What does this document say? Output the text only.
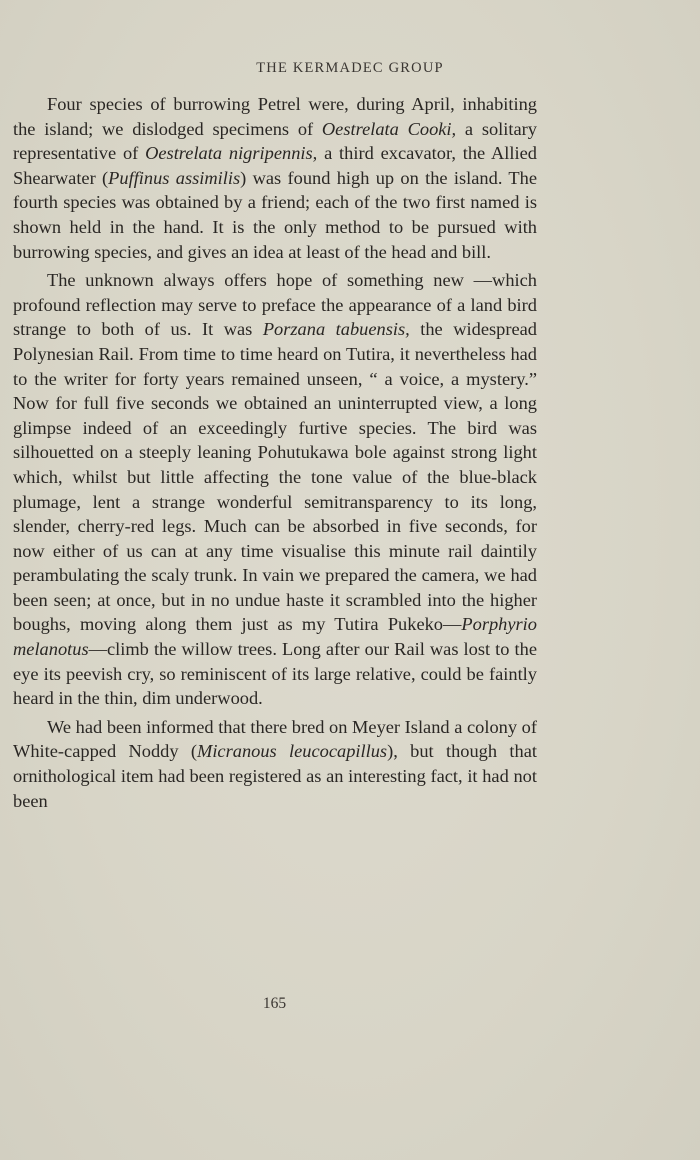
THE KERMADEC GROUP

Four species of burrowing Petrel were, during April, inhabiting the island; we dislodged specimens of Oestrelata Cooki, a solitary representative of Oestrelata nigripennis, a third excavator, the Allied Shearwater (Puffinus assimilis) was found high up on the island. The fourth species was obtained by a friend; each of the two first named is shown held in the hand. It is the only method to be pursued with burrowing species, and gives an idea at least of the head and bill.

The unknown always offers hope of something new —which profound reflection may serve to preface the appearance of a land bird strange to both of us. It was Porzana tabuensis, the widespread Polynesian Rail. From time to time heard on Tutira, it nevertheless had to the writer for forty years remained unseen, “ a voice, a mystery.” Now for full five seconds we obtained an uninterrupted view, a long glimpse indeed of an exceedingly furtive species. The bird was silhouetted on a steeply leaning Pohutukawa bole against strong light which, whilst but little affecting the tone value of the blue-black plumage, lent a strange wonderful semitransparency to its long, slender, cherry-red legs. Much can be absorbed in five seconds, for now either of us can at any time visualise this minute rail daintily perambulating the scaly trunk. In vain we prepared the camera, we had been seen; at once, but in no undue haste it scrambled into the higher boughs, moving along them just as my Tutira Pukeko—Porphyrio melanotus—climb the willow trees. Long after our Rail was lost to the eye its peevish cry, so reminiscent of its large relative, could be faintly heard in the thin, dim underwood.

We had been informed that there bred on Meyer Island a colony of White-capped Noddy (Micranous leucocapillus), but though that ornithological item had been registered as an interesting fact, it had not been

165
